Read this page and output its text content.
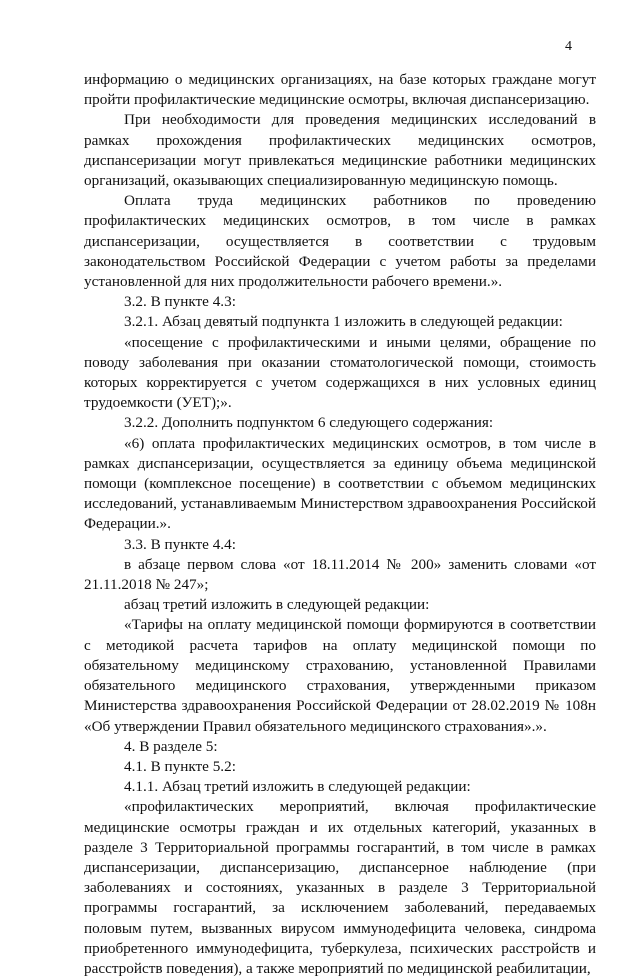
4

информацию о медицинских организациях, на базе которых граждане могут пройти профилактические медицинские осмотры, включая диспансеризацию.

При необходимости для проведения медицинских исследований в рамках прохождения профилактических медицинских осмотров, диспансеризации могут привлекаться медицинские работники медицинских организаций, оказывающих специализированную медицинскую помощь.

Оплата труда медицинских работников по проведению профилактических медицинских осмотров, в том числе в рамках диспансеризации, осуществляется в соответствии с трудовым законодательством Российской Федерации с учетом работы за пределами установленной для них продолжительности рабочего времени.».

3.2. В пункте 4.3:

3.2.1. Абзац девятый подпункта 1 изложить в следующей редакции:

«посещение с профилактическими и иными целями, обращение по поводу заболевания при оказании стоматологической помощи, стоимость которых корректируется с учетом содержащихся в них условных единиц трудоемкости (УЕТ);».

3.2.2. Дополнить подпунктом 6 следующего содержания:

«6) оплата профилактических медицинских осмотров, в том числе в рамках диспансеризации, осуществляется за единицу объема медицинской помощи (комплексное посещение) в соответствии с объемом медицинских исследований, устанавливаемым Министерством здравоохранения Российской Федерации.».

3.3. В пункте 4.4:

в абзаце первом слова «от 18.11.2014 № 200» заменить словами «от 21.11.2018 № 247»;

абзац третий изложить в следующей редакции:

«Тарифы на оплату медицинской помощи формируются в соответствии с методикой расчета тарифов на оплату медицинской помощи по обязательному медицинскому страхованию, установленной Правилами обязательного медицинского страхования, утвержденными приказом Министерства здравоохранения Российской Федерации от 28.02.2019 № 108н «Об утверждении Правил обязательного медицинского страхования».».

4. В разделе 5:

4.1. В пункте 5.2:

4.1.1. Абзац третий изложить в следующей редакции:

«профилактических мероприятий, включая профилактические медицинские осмотры граждан и их отдельных категорий, указанных в разделе 3 Территориальной программы госгарантий, в том числе в рамках диспансеризации, диспансеризацию, диспансерное наблюдение (при заболеваниях и состояниях, указанных в разделе 3 Территориальной программы госгарантий, за исключением заболеваний, передаваемых половым путем, вызванных вирусом иммунодефицита человека, синдрома приобретенного иммунодефицита, туберкулеза, психических расстройств и расстройств поведения), а также мероприятий по медицинской реабилитации,
